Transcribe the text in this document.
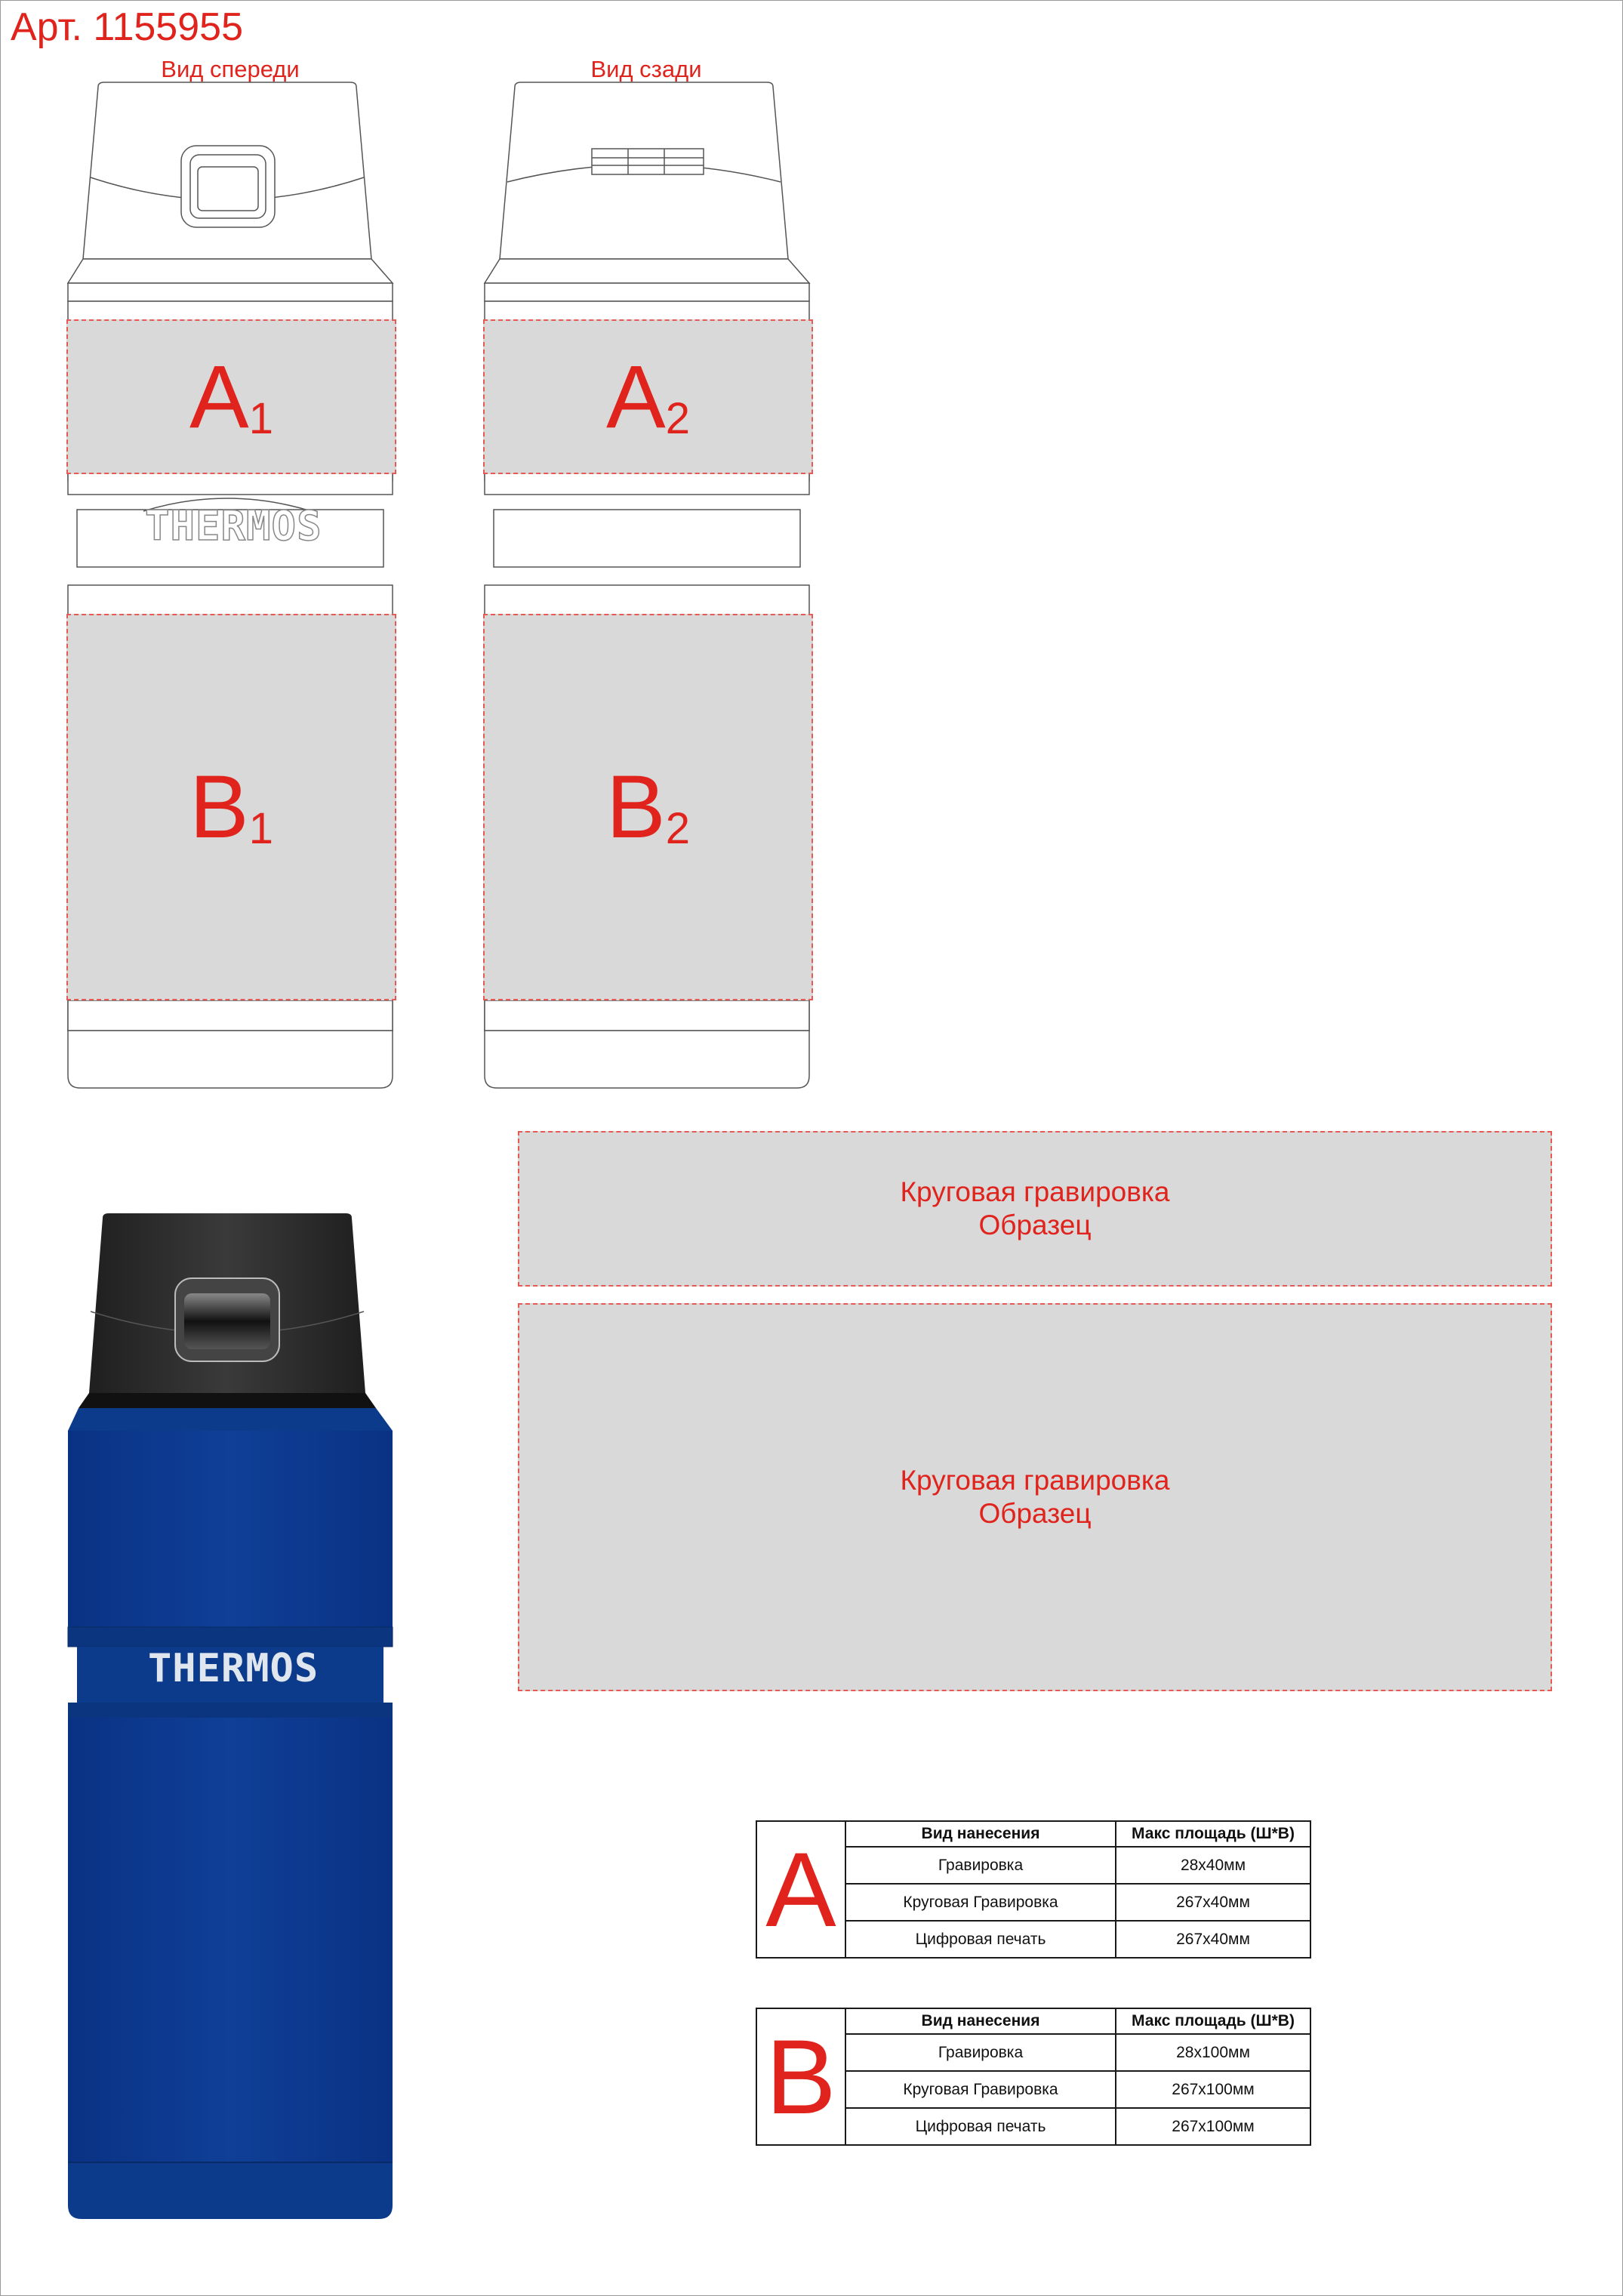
Арт. 1155955
Вид спереди	Вид сзади
THERMOS
$A_1$
$B_1$
$A_2$
$B_2$
THERMOS
Круговая гравировка
Образец
Круговая гравировка
Образец
A	Вид нанесения	Макс площадь (Ш*В)
Гравировка	28x40мм
Круговая Гравировка	267x40мм
Цифровая печать	267x40мм
B	Вид нанесения	Макс площадь (Ш*В)
Гравировка	28x100мм
Круговая Гравировка	267x100мм
Цифровая печать	267x100мм
